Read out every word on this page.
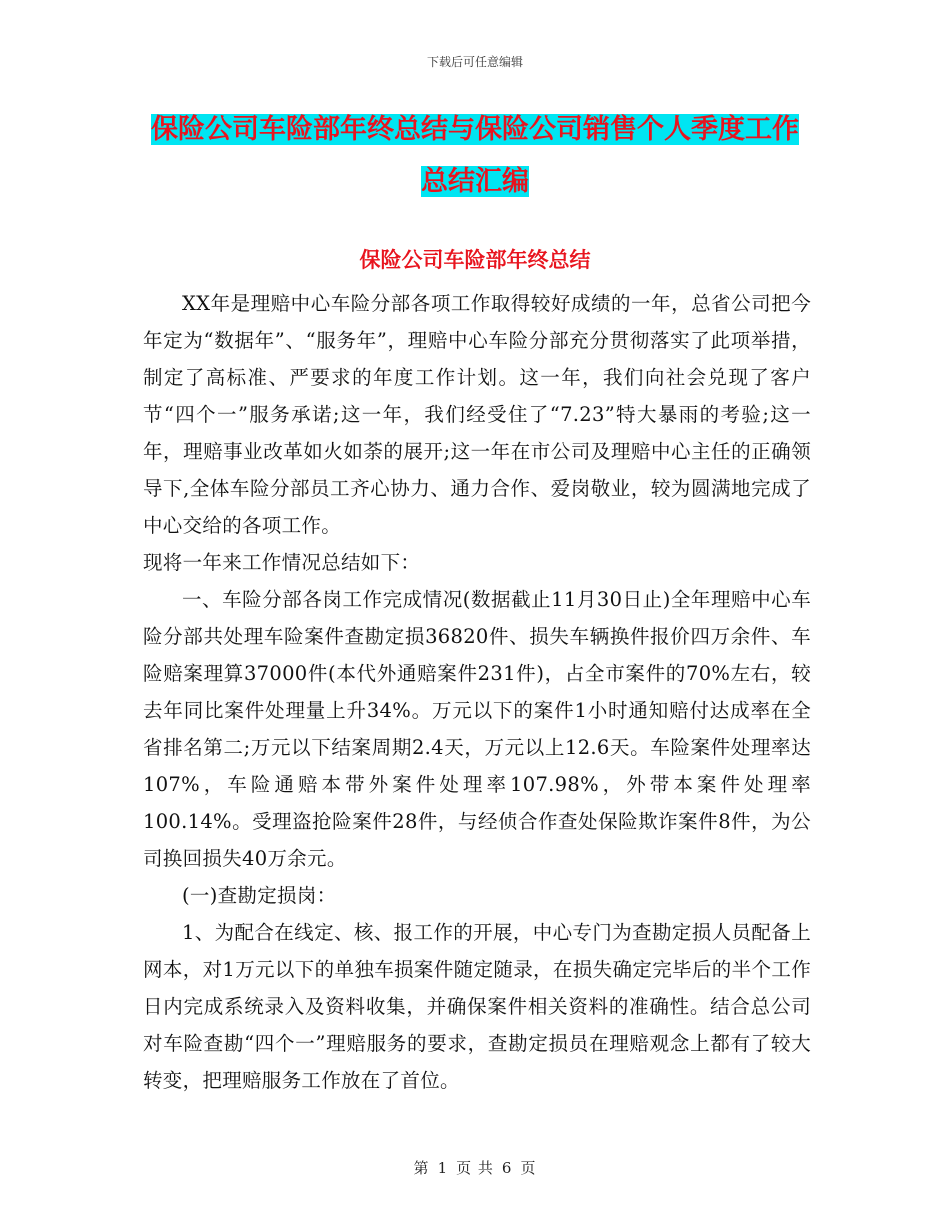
下载后可任意编辑
保险公司车险部年终总结与保险公司销售个人季度工作总结汇编
保险公司车险部年终总结

XX年是理赔中心车险分部各项工作取得较好成绩的一年，总省公司把今年定为“数据年”、“服务年”，理赔中心车险分部充分贯彻落实了此项举措，制定了高标准、严要求的年度工作计划。这一年，我们向社会兑现了客户节“四个一”服务承诺;这一年，我们经受住了“7.23”特大暴雨的考验;这一年，理赔事业改革如火如荼的展开;这一年在市公司及理赔中心主任的正确领导下,全体车险分部员工齐心协力、通力合作、爱岗敬业，较为圆满地完成了中心交给的各项工作。

现将一年来工作情况总结如下：

一、车险分部各岗工作完成情况(数据截止11月30日止)全年理赔中心车险分部共处理车险案件查勘定损36820件、损失车辆换件报价四万余件、车险赔案理算37000件(本代外通赔案件231件)，占全市案件的70%左右，较去年同比案件处理量上升34%。万元以下的案件1小时通知赔付达成率在全省排名第二;万元以下结案周期2.4天，万元以上12.6天。车险案件处理率达107%，车险通赔本带外案件处理率107.98%，外带本案件处理率100.14%。受理盗抢险案件28件，与经侦合作查处保险欺诈案件8件，为公司换回损失40万余元。

(一)查勘定损岗：

1、为配合在线定、核、报工作的开展，中心专门为查勘定损人员配备上网本，对1万元以下的单独车损案件随定随录，在损失确定完毕后的半个工作日内完成系统录入及资料收集，并确保案件相关资料的准确性。结合总公司对车险查勘“四个一”理赔服务的要求，查勘定损员在理赔观念上都有了较大转变，把理赔服务工作放在了首位。

第 1 页 共 6 页
